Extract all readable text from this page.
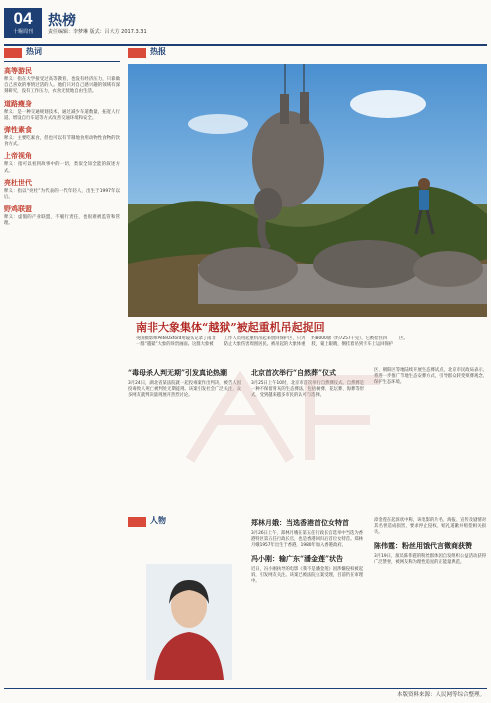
04
十堰周刊
热榜
责任编辑：李梦琳 版式：吕大方 2017.3.31
热词
高等游民

释义：指在大学接受过高等教育，也没有经济压力，只靠做自己喜欢的事情过活的人。他们只对自己感兴趣的领域有深刻研究，没有工作压力，衣食无忧地自由生活。

道路瘦身

释义：是一种交通规划技术，通过减少车道数量，拓宽人行道、增设自行车道等方式改善交通环境和安全。

弹性素食

释义：主要吃素食，但也可以有节制地食用动物性食物的饮食方式。

上帝视角

释义：指可以看到故事中的一切，类似全知全能的叙述方式。

亮杜世代

释义：指以“亮杜”为代表的一代年轻人，出生于1997年以后。

野鸡联盟

释义：虚假的产业联盟，不履行责任，也很难被监管和管理。

热报
南非大象集体“越狱”被起重机吊起捉回
英国摄影师PeteOxford用镜头记录了南非一群“越狱”大象的珍贵画面。这群大象被工作人员用起重机吊起来放回保护区，只为防止大象伤害周围居民。被吊起的大象体重约8000磅（约7257千克），它被拴住四肢，蒙上眼睛，倒挂着吊到卡车上运回保护区。
“毒母杀人判无期”引发真论热潮

3月24日，湖北省某法院就一起投毒案作出判决，被告人因投毒致人死亡被判处无期徒刑。该案引发社会广泛关注，众多网友就判决量刑展开热烈讨论。

北京首次举行“自然葬”仪式

3月25日上午10时，北京市首次举行自然葬仪式。自然葬是一种不保留骨灰的生态葬法，包括树葬、花坛葬、海葬等形式，受到越来越多市民的认可与选择。

区、朝阳区等地陆续开展生态葬试点，北京市民政局表示，将进一步推广节地生态安葬方式，引导群众转变殡葬观念，保护生态环境。

人物	郑林月娥：当选香港首位女特首

3月26日上午，郑林月娥在第五任行政长官选举中当选为香港特区第五任行政长官，也是香港回归后首位女特首。郑林月娥1957年出生于香港，1980年加入香港政府。

冯小刚：输广东“潘金莲”状告

近日，冯小刚执导的电影《我不是潘金莲》因涉嫌侵权被起诉，引发网友关注。该案已被法院立案受理，目前仍在审理中。

漳金莲在起诉状中称，该电影的片名、海报、宣传及剧情对其名誉造成损害，要求停止侵权、赔礼道歉并赔偿相关损失。

陈伟霆：粉丝用饿代言微商获赞

3月19日，演员陈伟霆的粉丝群体因自发组织公益活动获得广泛赞誉，被网友称为理性追星的正能量典范。

本版资料来源：人民网等综合整理。
